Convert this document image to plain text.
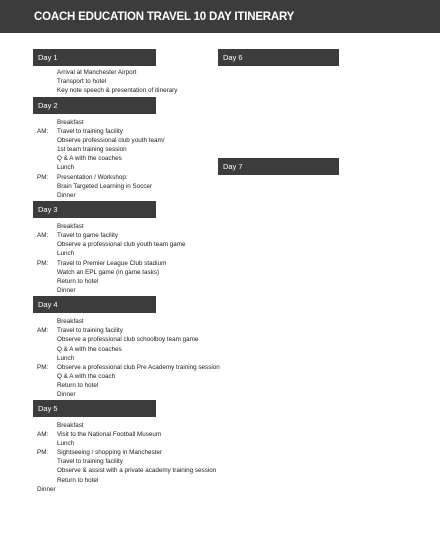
COACH EDUCATION TRAVEL 10 DAY ITINERARY
Day 1
Arrival at Manchester Airport
Transport to hotel
Key note speech & presentation of itinerary
Day 2
Breakfast
AM: Travel to training facility
Observe professional club youth team/
1st team training session
Q & A with the coaches
Lunch
PM: Presentation / Workshop:
Brain Targeted Learning in Soccer
Dinner
Day 3
Breakfast
AM: Travel to game facility
Observe a professional club youth team game
Lunch
PM: Travel to Premier League Club stadium
Watch an EPL game (in game tasks)
Return to hotel
Dinner
Day 4
Breakfast
AM: Travel to training facility
Observe a professional club schoolboy team game
Q & A with the coaches
Lunch
PM: Observe a professional club Pre Academy training session
Q & A with the coach
Return to hotel
Dinner
Day 5
Breakfast
AM: Visit to the National Football Museum
Lunch
PM: Sightseeing / shopping in Manchester
Travel to training facility
Observe & assist with a private academy training session
Return to hotel
Dinner
Day 6
Day 7
